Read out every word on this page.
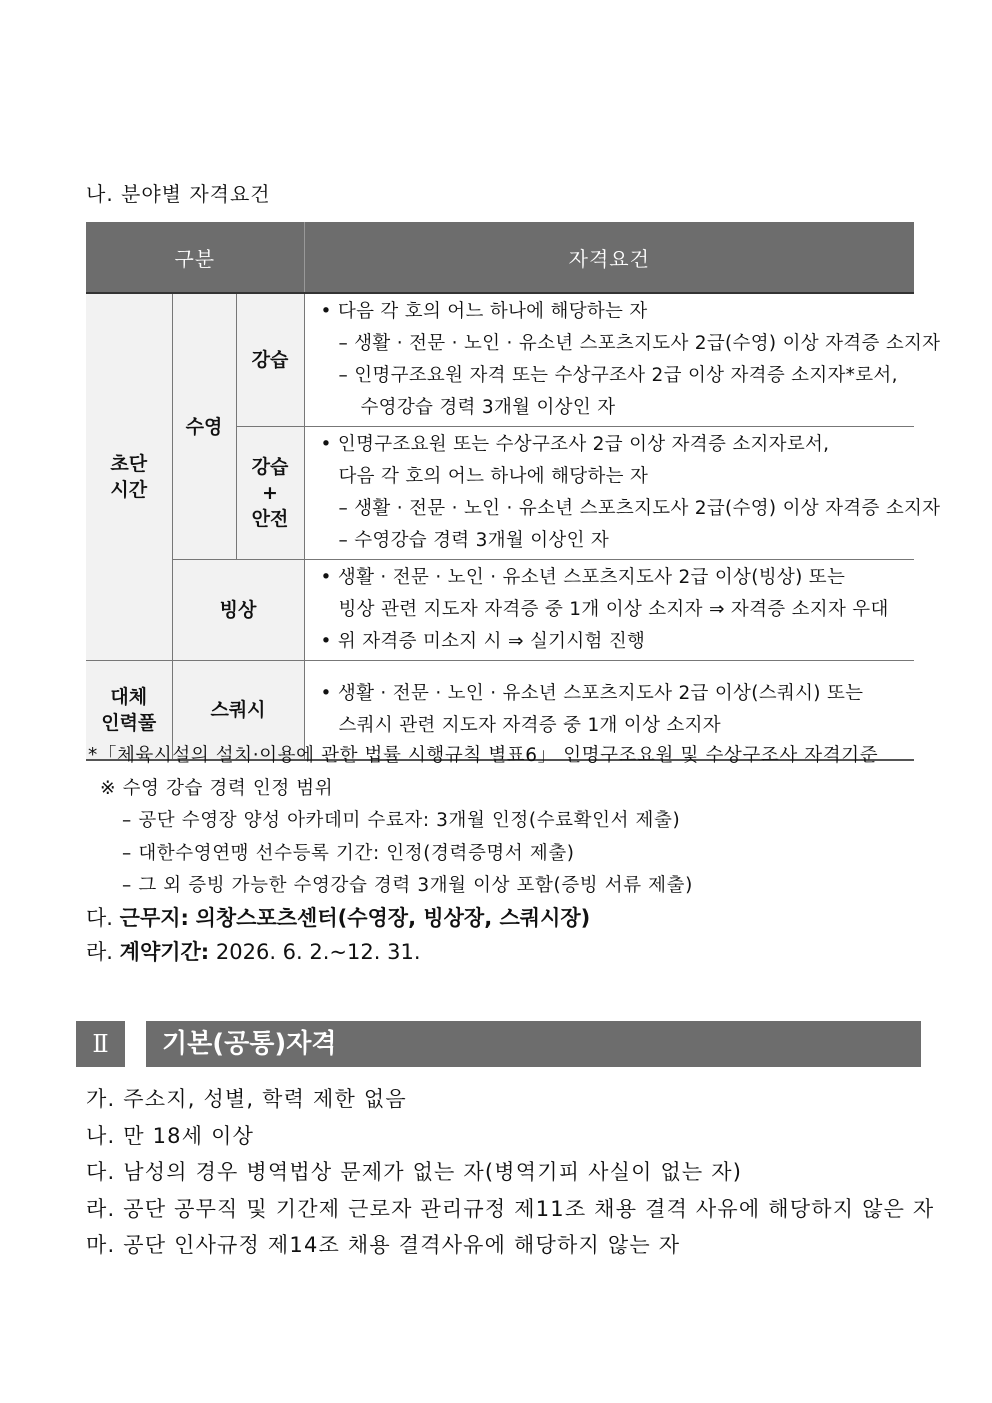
나. 분야별 자격요건
구분			자격요건
초단
시간	수영	강습	• 다음 각 호의 어느 하나에 해당하는 자
– 생활 · 전문 · 노인 · 유소년 스포츠지도사 2급(수영) 이상 자격증 소지자
– 인명구조요원 자격 또는 수상구조사 2급 이상 자격증 소지자*로서,
수영강습 경력 3개월 이상인 자

		강습
+
안전	• 인명구조요원 또는 수상구조사 2급 이상 자격증 소지자로서,
다음 각 호의 어느 하나에 해당하는 자
– 생활 · 전문 · 노인 · 유소년 스포츠지도사 2급(수영) 이상 자격증 소지자
– 수영강습 경력 3개월 이상인 자

	빙상		• 생활 · 전문 · 노인 · 유소년 스포츠지도사 2급 이상(빙상) 또는
빙상 관련 지도자 자격증 중 1개 이상 소지자 ⇒ 자격증 소지자 우대
• 위 자격증 미소지 시 ⇒ 실기시험 진행

대체
인력풀	스쿼시		• 생활 · 전문 · 노인 · 유소년 스포츠지도사 2급 이상(스쿼시) 또는
스쿼시 관련 지도자 자격증 중 1개 이상 소지자
*「체육시설의 설치·이용에 관한 법률 시행규칙 별표6」 인명구조요원 및 수상구조사 자격기준
※ 수영 강습 경력 인정 범위
– 공단 수영장 양성 아카데미 수료자: 3개월 인정(수료확인서 제출)
– 대한수영연맹 선수등록 기간: 인정(경력증명서 제출)
– 그 외 증빙 가능한 수영강습 경력 3개월 이상 포함(증빙 서류 제출)
다. 근무지: 의창스포츠센터(수영장, 빙상장, 스쿼시장)
라. 계약기간: 2026. 6. 2.~12. 31.
Ⅱ	기본(공통)자격
가. 주소지, 성별, 학력 제한 없음
나. 만 18세 이상
다. 남성의 경우 병역법상 문제가 없는 자(병역기피 사실이 없는 자)
라. 공단 공무직 및 기간제 근로자 관리규정 제11조 채용 결격 사유에 해당하지 않은 자
마. 공단 인사규정 제14조 채용 결격사유에 해당하지 않는 자
